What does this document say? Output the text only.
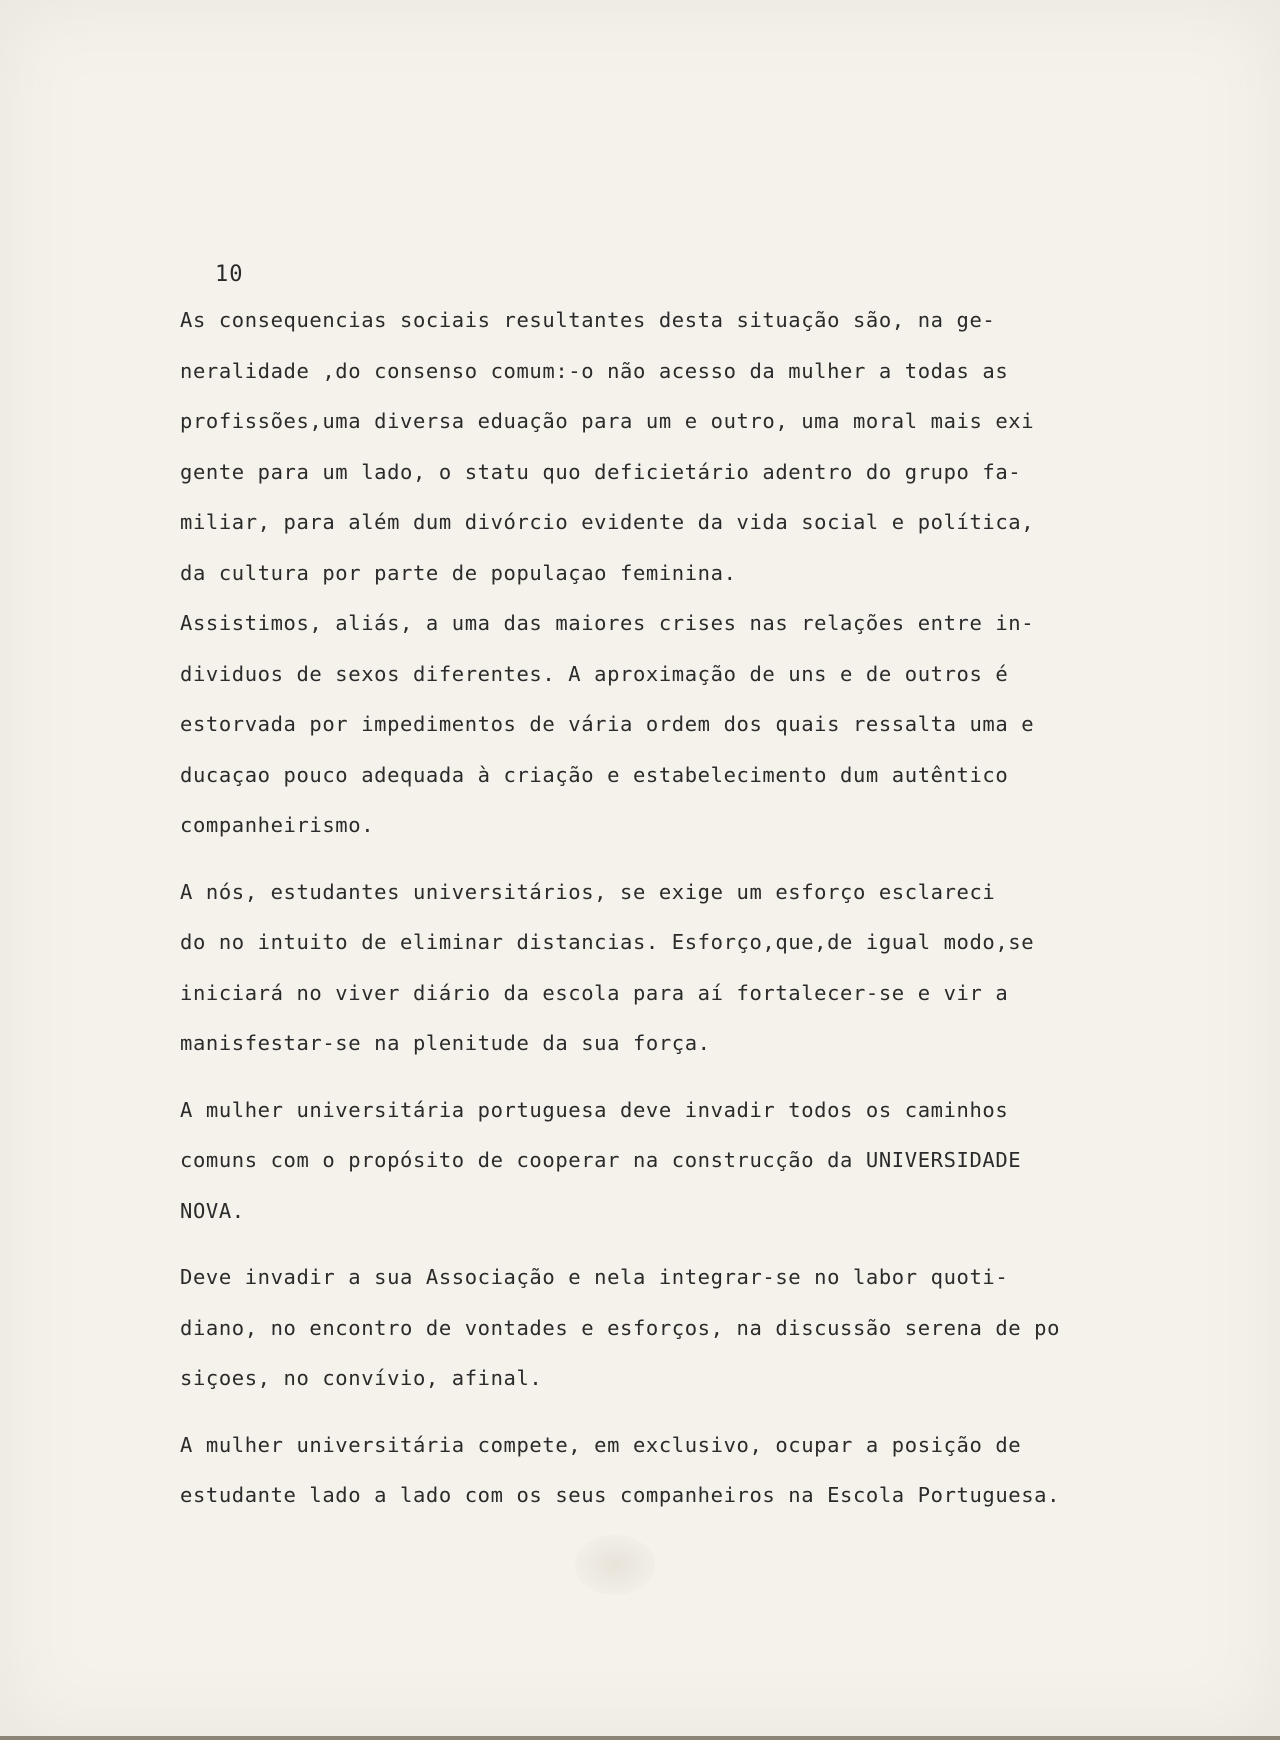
10
As consequencias sociais resultantes desta situação são, na ge-
neralidade ,do consenso comum:-o não acesso da mulher a todas as
profissões,uma diversa eduação para um e outro, uma moral mais exi
gente para um lado, o statu quo deficietário adentro do grupo fa-
miliar, para além dum divórcio evidente da vida social e política,
da cultura por parte de populaçao feminina.
Assistimos, aliás, a uma das maiores crises nas relações entre in-
dividuos de sexos diferentes. A aproximação de uns e de outros é
estorvada por impedimentos de vária ordem dos quais ressalta uma e
ducaçao pouco adequada à criação e estabelecimento dum autêntico
companheirismo.
A nós, estudantes universitários, se exige um esforço esclareci
do no intuito de eliminar distancias. Esforço,que,de igual modo,se
iniciará no viver diário da escola para aí fortalecer-se e vir a
manisfestar-se na plenitude da sua força.
A mulher universitária portuguesa deve invadir todos os caminhos
comuns com o propósito de cooperar na construcção da UNIVERSIDADE
NOVA.
Deve invadir a sua Associação e nela integrar-se no labor quoti-
diano, no encontro de vontades e esforços, na discussão serena de po
siçoes, no convívio, afinal.
A mulher universitária compete, em exclusivo, ocupar a posição de
estudante lado a lado com os seus companheiros na Escola Portuguesa.
